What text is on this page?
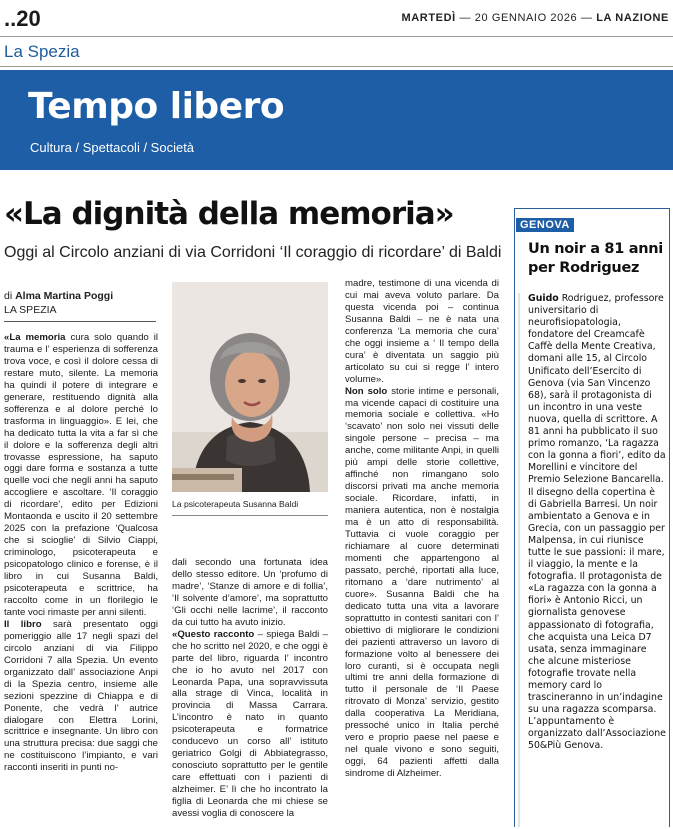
..20	MARTEDÌ — 20 GENNAIO 2026 — LA NAZIONE
La Spezia
Tempo libero
Cultura / Spettacoli / Società
«La dignità della memoria»
Oggi al Circolo anziani di via Corridoni ‘Il coraggio di ricordare’ di Baldi
di Alma Martina Poggi
LA SPEZIA

«La memoria cura solo quando il trauma e l’ esperienza di sofferenza trova voce, e così il dolore cessa di restare muto, silente. La memoria ha quindi il potere di integrare e generare, restituendo dignità alla sofferenza e al dolore perché lo trasforma in linguaggio». E lei, che ha dedicato tutta la vita a far sì che il dolore e la sofferenza degli altri trovasse espressione, ha saputo oggi dare forma e sostanza a tutte quelle voci che negli anni ha saputo accogliere e ascoltare. ‘Il coraggio di ricordare’, edito per Edizioni Montaonda e uscito il 20 settembre 2025 con la prefazione ‘Qualcosa che si scioglie’ di Silvio Ciappi, criminologo, psicoterapeuta e psicopatologo clinico e forense, è il libro in cui Susanna Baldi, psicoterapeuta e scrittrice, ha raccolto come in un florilegio le tante voci rimaste per anni silenti.

Il libro sarà presentato oggi pomeriggio alle 17 negli spazi del circolo anziani di via Filippo Corridoni 7 alla Spezia. Un evento organizzato dall’ associazione Anpi di la Spezia centro, insieme alle sezioni spezzine di Chiappa e di Ponente, che vedrà l’ autrice dialogare con Elettra Lorini, scrittrice e insegnante. Un libro con una struttura precisa: due saggi che ne costituiscono l’impianto, e vari racconti inseriti in punti no-

La psicoterapeuta Susanna Baldi

dali secondo una fortunata idea dello stesso editore. Un ‘profumo di madre’, ‘Stanze di amore e di follia’, ‘Il solvente d’amore’, ma soprattutto ‘Gli occhi nelle lacrime’, il racconto da cui tutto ha avuto inizio.

«Questo racconto – spiega Baldi – che ho scritto nel 2020, e che oggi è parte del libro, riguarda l’ incontro che io ho avuto nel 2017 con Leonarda Papa, una sopravvissuta alla strage di Vinca, località in provincia di Massa Carrara. L’incontro è nato in quanto psicoterapeuta e formatrice conducevo un corso all’ istituto geriatrico Golgi di Abbiategrasso, conosciuto soprattutto per le gentile care effettuati con i pazienti di alzheimer. E’ lì che ho incontrato la figlia di Leonarda che mi chiese se avessi voglia di conoscere la

madre, testimone di una vicenda di cui mai aveva voluto parlare. Da questa vicenda poi – continua Susanna Baldi – ne è nata una conferenza ‘La memoria che cura’ che oggi insieme a ‘ Il tempo della cura’ è diventata un saggio più articolato su cui si regge l’ intero volume».

Non solo storie intime e personali, ma vicende capaci di costituire una memoria sociale e collettiva. «Ho ‘scavato’ non solo nei vissuti delle singole persone – precisa – ma anche, come militante Anpi, in quelli più ampi delle storie collettive, affinché non rimangano solo discorsi privati ma anche memoria sociale. Ricordare, infatti, in maniera autentica, non è nostalgia ma è un atto di responsabilità. Tuttavia ci vuole coraggio per richiamare al cuore determinati momenti che appartengono al passato, perché, riportati alla luce, ritornano a ‘dare nutrimento’ al cuore». Susanna Baldi che ha dedicato tutta una vita a lavorare soprattutto in contesti sanitari con l’ obiettivo di migliorare le condizioni dei pazienti attraverso un lavoro di formazione volto al benessere dei loro curanti, si è occupata negli ultimi tre anni della formazione di tutto il personale de ‘Il Paese ritrovato di Monza’ servizio, gestito dalla cooperativa La Meridiana, pressoché unico in Italia perché vero e proprio paese nel paese e nel quale vivono e sono seguiti, oggi, 64 pazienti affetti dalla sindrome di Alzheimer.

GENOVA
Un noir a 81 anni per Rodriguez
Guido Rodriguez, professore universitario di neurofisiopatologia, fondatore del Creamcafè Caffè della Mente Creativa, domani alle 15, al Circolo Unificato dell’Esercito di Genova (via San Vincenzo 68), sarà il protagonista di un incontro in una veste nuova, quella di scrittore. A 81 anni ha pubblicato il suo primo romanzo, ‘La ragazza con la gonna a fiori’, edito da Morellini e vincitore del Premio Selezione Bancarella. Il disegno della copertina è di Gabriella Barresi. Un noir ambientato a Genova e in Grecia, con un passaggio per Malpensa, in cui riunisce tutte le sue passioni: il mare, il viaggio, la mente e la fotografia. Il protagonista de «La ragazza con la gonna a fiori» è Antonio Ricci, un giornalista genovese appassionato di fotografia, che acquista una Leica D7 usata, senza immaginare che alcune misteriose fotografie trovate nella memory card lo trascineranno in un’indagine su una ragazza scomparsa. L’appuntamento è organizzato dall’Associazione 50&Più Genova.
